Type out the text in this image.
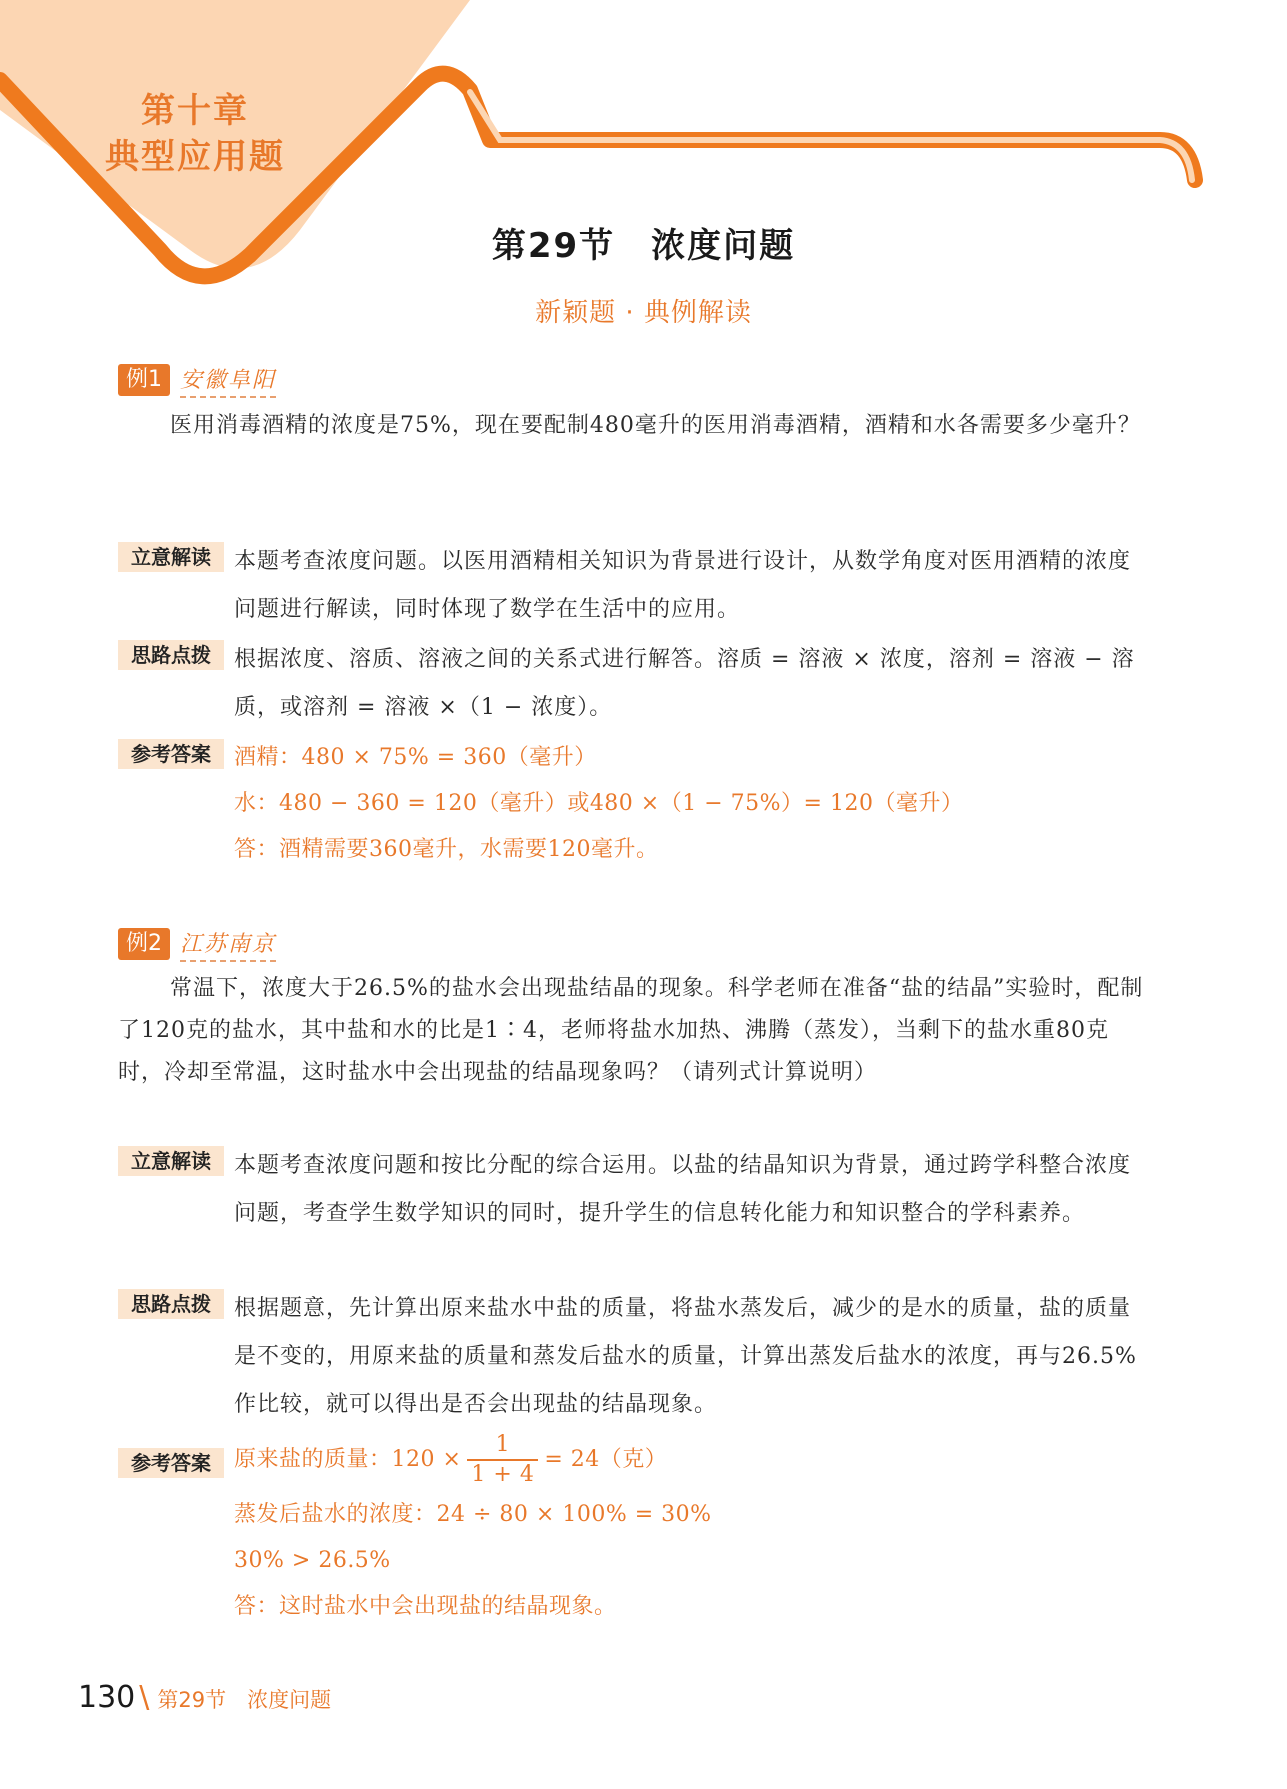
第十章
典型应用题
第29节　浓度问题
新颖题 · 典例解读
例1 安徽阜阳
医用消毒酒精的浓度是75%，现在要配制480毫升的医用消毒酒精，酒精和水各需要多少毫升？
立意解读	本题考查浓度问题。以医用酒精相关知识为背景进行设计，从数学角度对医用酒精的浓度问题进行解读，同时体现了数学在生活中的应用。
思路点拨	根据浓度、溶质、溶液之间的关系式进行解答。溶质 = 溶液 × 浓度，溶剂 = 溶液 − 溶质，或溶剂 = 溶液 ×（1 − 浓度）。
参考答案	酒精：480 × 75% = 360（毫升）
水：480 − 360 = 120（毫升）或480 ×（1 − 75%）= 120（毫升）
答：酒精需要360毫升，水需要120毫升。
例2 江苏南京
常温下，浓度大于26.5%的盐水会出现盐结晶的现象。科学老师在准备“盐的结晶”实验时，配制了120克的盐水，其中盐和水的比是1∶4，老师将盐水加热、沸腾（蒸发），当剩下的盐水重80克时，冷却至常温，这时盐水中会出现盐的结晶现象吗？（请列式计算说明）
立意解读	本题考查浓度问题和按比分配的综合运用。以盐的结晶知识为背景，通过跨学科整合浓度问题，考查学生数学知识的同时，提升学生的信息转化能力和知识整合的学科素养。
思路点拨	根据题意，先计算出原来盐水中盐的质量，将盐水蒸发后，减少的是水的质量，盐的质量是不变的，用原来盐的质量和蒸发后盐水的质量，计算出蒸发后盐水的浓度，再与26.5%作比较，就可以得出是否会出现盐的结晶现象。
参考答案	原来盐的质量：$120 \times \frac{1}{1 + 4} = 24$（克）
蒸发后盐水的浓度：24 ÷ 80 × 100% = 30%
30% > 26.5%
答：这时盐水中会出现盐的结晶现象。
130 \ 第29节　浓度问题
